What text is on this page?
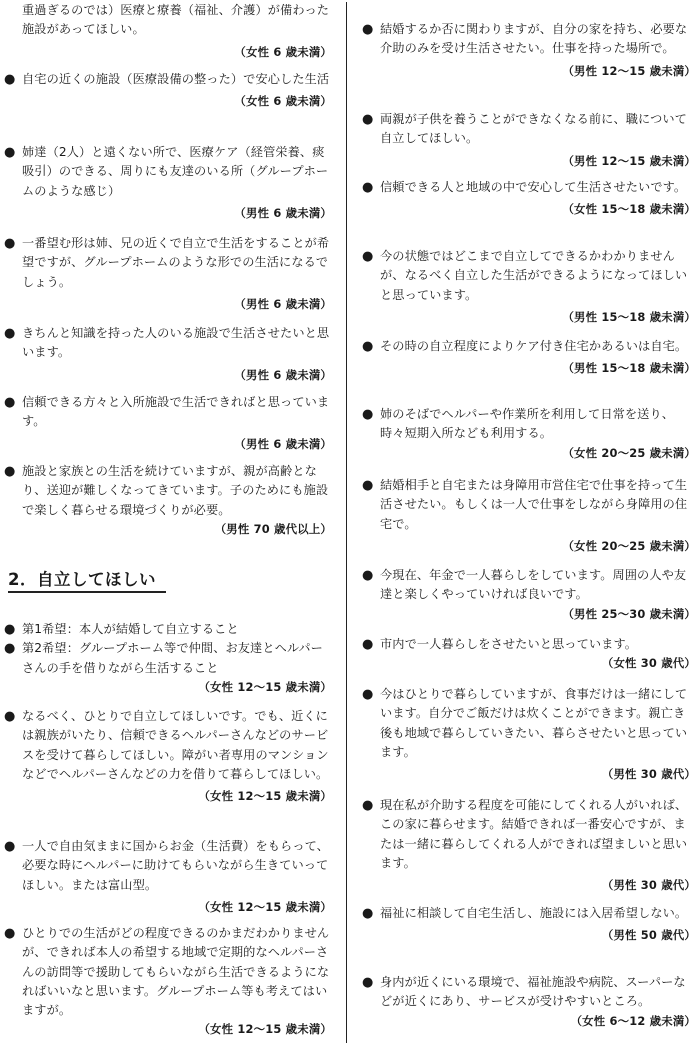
重過ぎるのでは）医療と療養（福祉、介護）が備わった施設があってほしい。
（女性 6 歳未満）
● 自宅の近くの施設（医療設備の整った）で安心した生活
（女性 6 歳未満）
● 姉達（2人）と遠くない所で、医療ケア（経管栄養、痰吸引）のできる、周りにも友達のいる所（グループホームのような感じ）
（男性 6 歳未満）
● 一番望む形は姉、兄の近くで自立で生活をすることが希望ですが、グループホームのような形での生活になるでしょう。
（男性 6 歳未満）
● きちんと知識を持った人のいる施設で生活させたいと思います。
（男性 6 歳未満）
● 信頼できる方々と入所施設で生活できればと思っています。
（男性 6 歳未満）
● 施設と家族との生活を続けていますが、親が高齢となり、送迎が難しくなってきています。子のためにも施設で楽しく暮らせる環境づくりが必要。
（男性 70 歳代以上）
2．自立してほしい
● 第1希望：本人が結婚して自立すること
● 第2希望：グループホーム等で仲間、お友達とヘルパーさんの手を借りながら生活すること
（女性 12～15 歳未満）
● なるべく、ひとりで自立してほしいです。でも、近くには親族がいたり、信頼できるヘルパーさんなどのサービスを受けて暮らしてほしい。障がい者専用のマンションなどでヘルパーさんなどの力を借りて暮らしてほしい。
（女性 12～15 歳未満）
● 一人で自由気ままに国からお金（生活費）をもらって、必要な時にヘルパーに助けてもらいながら生きていってほしい。または富山型。
（女性 12～15 歳未満）
● ひとりでの生活がどの程度できるのかまだわかりませんが、できれば本人の希望する地域で定期的なヘルパーさんの訪問等で援助してもらいながら生活できるようになればいいなと思います。グループホーム等も考えてはいますが。
（女性 12～15 歳未満）
● 結婚するか否に関わりますが、自分の家を持ち、必要な介助のみを受け生活させたい。仕事を持った場所で。
（男性 12～15 歳未満）
● 両親が子供を養うことができなくなる前に、職について自立してほしい。
（男性 12～15 歳未満）
● 信頼できる人と地域の中で安心して生活させたいです。
（女性 15～18 歳未満）
● 今の状態ではどこまで自立してできるかわかりませんが、なるべく自立した生活ができるようになってほしいと思っています。
（男性 15～18 歳未満）
● その時の自立程度によりケア付き住宅かあるいは自宅。
（男性 15～18 歳未満）
● 姉のそばでヘルパーや作業所を利用して日常を送り、時々短期入所なども利用する。
（女性 20～25 歳未満）
● 結婚相手と自宅または身障用市営住宅で仕事を持って生活させたい。もしくは一人で仕事をしながら身障用の住宅で。
（女性 20～25 歳未満）
● 今現在、年金で一人暮らしをしています。周囲の人や友達と楽しくやっていければ良いです。
（男性 25～30 歳未満）
● 市内で一人暮らしをさせたいと思っています。
（女性 30 歳代）
● 今はひとりで暮らしていますが、食事だけは一緒にしています。自分でご飯だけは炊くことができます。親亡き後も地域で暮らしていきたい、暮らさせたいと思っています。
（男性 30 歳代）
● 現在私が介助する程度を可能にしてくれる人がいれば、この家に暮らせます。結婚できれば一番安心ですが、または一緒に暮らしてくれる人ができれば望ましいと思います。
（男性 30 歳代）
● 福祉に相談して自宅生活し、施設には入居希望しない。
（男性 50 歳代）
● 身内が近くにいる環境で、福祉施設や病院、スーパーなどが近くにあり、サービスが受けやすいところ。
（女性 6～12 歳未満）
